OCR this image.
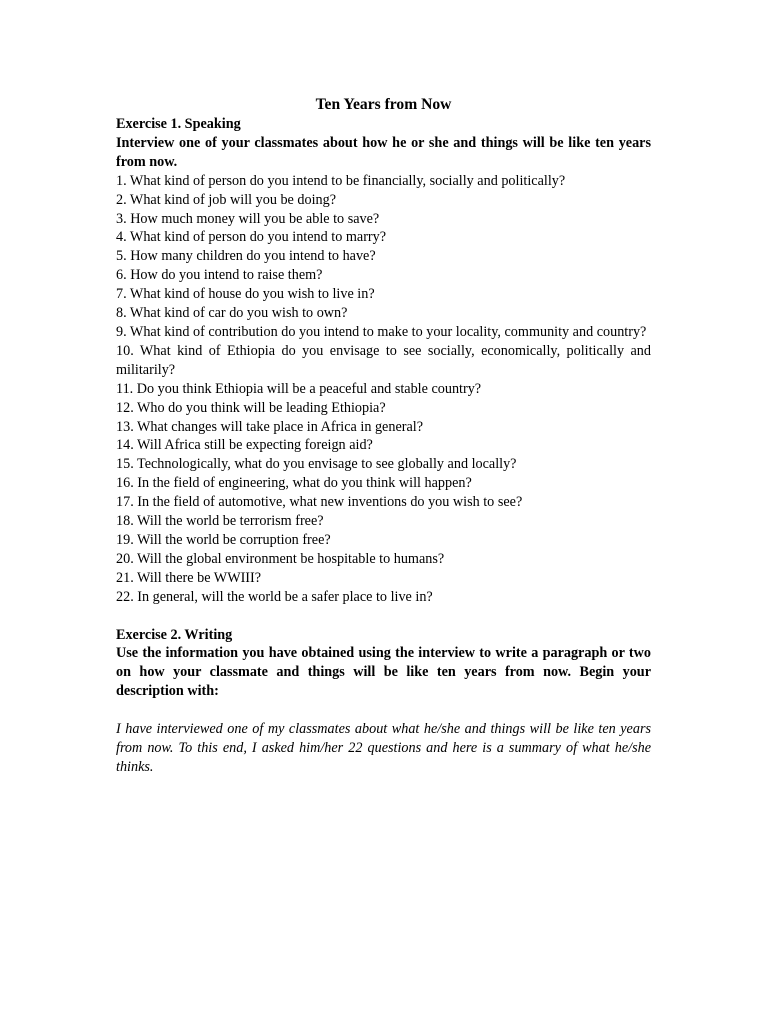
Ten Years from Now
Exercise 1. Speaking
Interview one of your classmates about how he or she and things will be like ten years from now.
1. What kind of person do you intend to be financially, socially and politically?
2. What kind of job will you be doing?
3. How much money will you be able to save?
4. What kind of person do you intend to marry?
5. How many children do you intend to have?
6. How do you intend to raise them?
7. What kind of house do you wish to live in?
8. What kind of car do you wish to own?
9. What kind of contribution do you intend to make to your locality, community and country?
10. What kind of Ethiopia do you envisage to see socially, economically, politically and militarily?
11. Do you think Ethiopia will be a peaceful and stable country?
12. Who do you think will be leading Ethiopia?
13. What changes will take place in Africa in general?
14. Will Africa still be expecting foreign aid?
15. Technologically, what do you envisage to see globally and locally?
16. In the field of engineering, what do you think will happen?
17. In the field of automotive, what new inventions do you wish to see?
18. Will the world be terrorism free?
19. Will the world be corruption free?
20. Will the global environment be hospitable to humans?
21. Will there be WWIII?
22. In general, will the world be a safer place to live in?
Exercise 2. Writing
Use the information you have obtained using the interview to write a paragraph or two on how your classmate and things will be like ten years from now. Begin your description with:
I have interviewed one of my classmates about what he/she and things will be like ten years from now. To this end, I asked him/her 22 questions and here is a summary of what he/she thinks.
